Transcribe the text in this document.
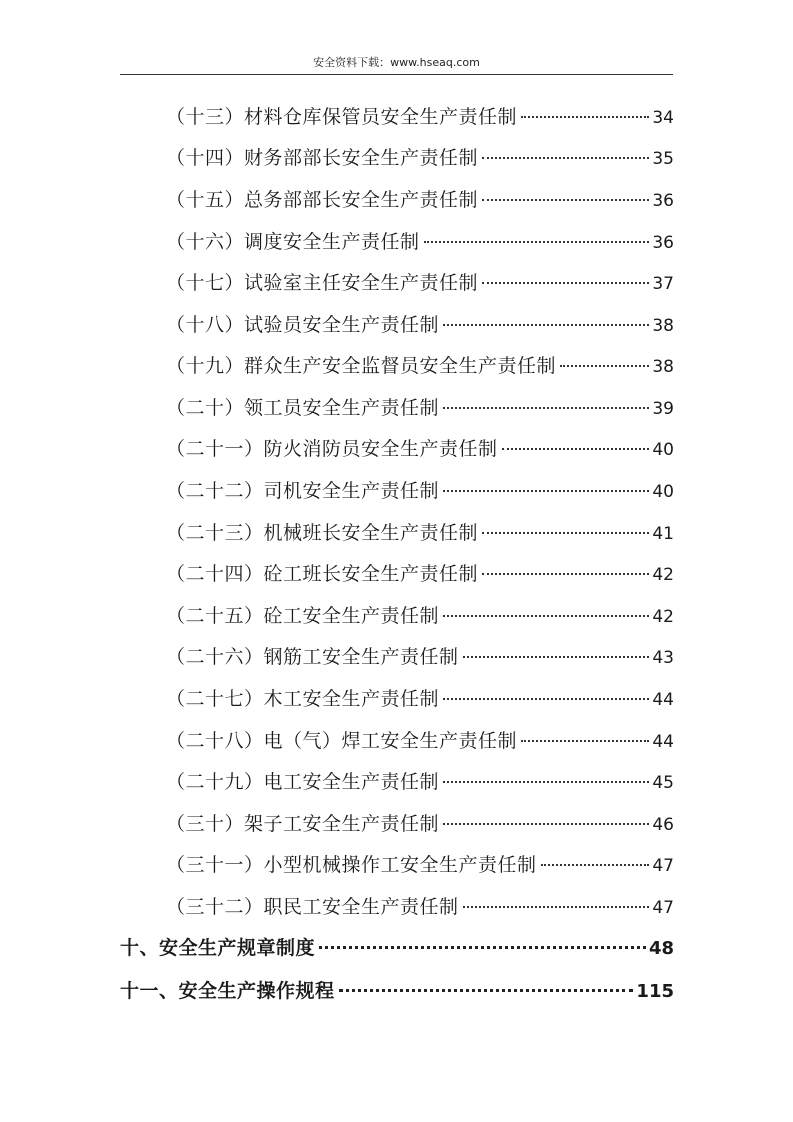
安全资料下载：www.hseaq.com
（十三）材料仓库保管员安全生产责任制	34
（十四）财务部部长安全生产责任制	35
（十五）总务部部长安全生产责任制	36
（十六）调度安全生产责任制	36
（十七）试验室主任安全生产责任制	37
（十八）试验员安全生产责任制	38
（十九）群众生产安全监督员安全生产责任制	38
（二十）领工员安全生产责任制	39
（二十一）防火消防员安全生产责任制	40
（二十二）司机安全生产责任制	40
（二十三）机械班长安全生产责任制	41
（二十四）砼工班长安全生产责任制	42
（二十五）砼工安全生产责任制	42
（二十六）钢筋工安全生产责任制	43
（二十七）木工安全生产责任制	44
（二十八）电（气）焊工安全生产责任制	44
（二十九）电工安全生产责任制	45
（三十）架子工安全生产责任制	46
（三十一）小型机械操作工安全生产责任制	47
（三十二）职民工安全生产责任制	47
十、安全生产规章制度	48
十一、安全生产操作规程	115
